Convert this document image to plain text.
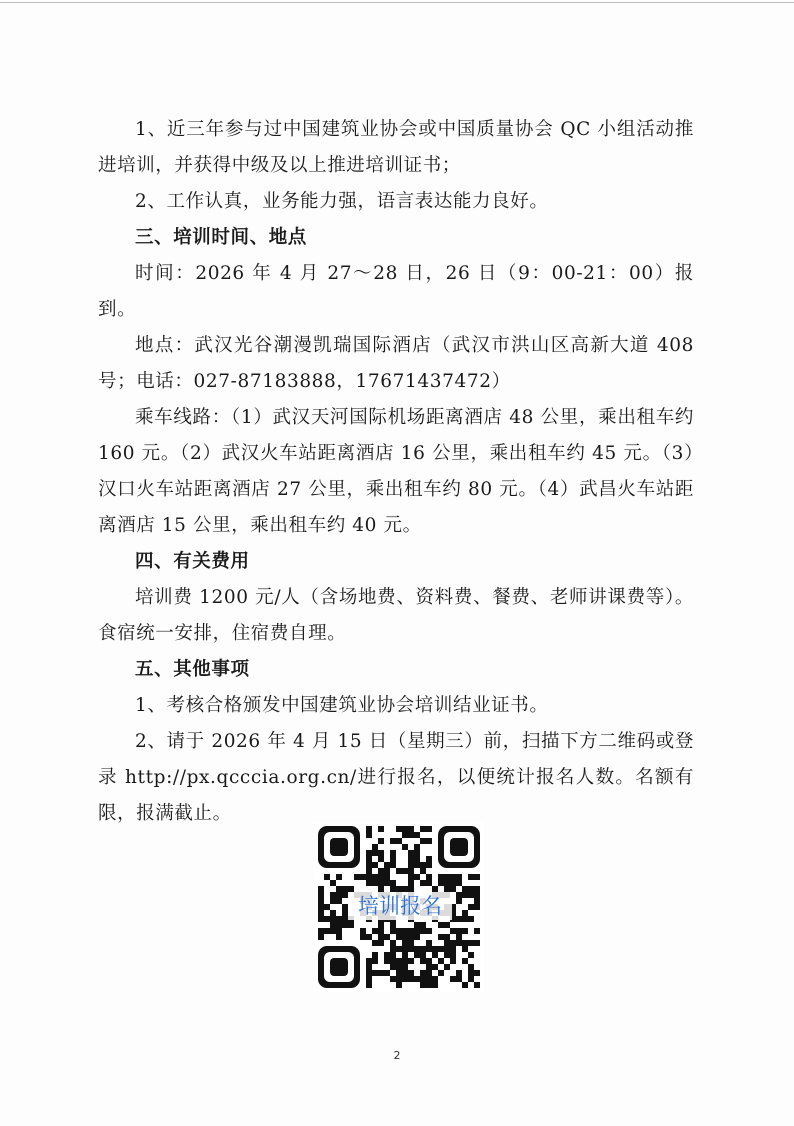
1、近三年参与过中国建筑业协会或中国质量协会 QC 小组活动推进培训，并获得中级及以上推进培训证书；

2、工作认真，业务能力强，语言表达能力良好。

三、培训时间、地点

时间：2026 年 4 月 27～28 日，26 日（9：00-21：00）报到。

地点：武汉光谷潮漫凯瑞国际酒店（武汉市洪山区高新大道 408 号；电话：027-87183888，17671437472）

乘车线路：（1）武汉天河国际机场距离酒店 48 公里，乘出租车约 160 元。（2）武汉火车站距离酒店 16 公里，乘出租车约 45 元。（3）汉口火车站距离酒店 27 公里，乘出租车约 80 元。（4）武昌火车站距离酒店 15 公里，乘出租车约 40 元。

四、有关费用

培训费 1200 元/人（含场地费、资料费、餐费、老师讲课费等）。食宿统一安排，住宿费自理。

五、其他事项

1、考核合格颁发中国建筑业协会培训结业证书。

2、请于 2026 年 4 月 15 日（星期三）前，扫描下方二维码或登录 http://px.qcccia.org.cn/进行报名，以便统计报名人数。名额有限，报满截止。

培训报名
2
